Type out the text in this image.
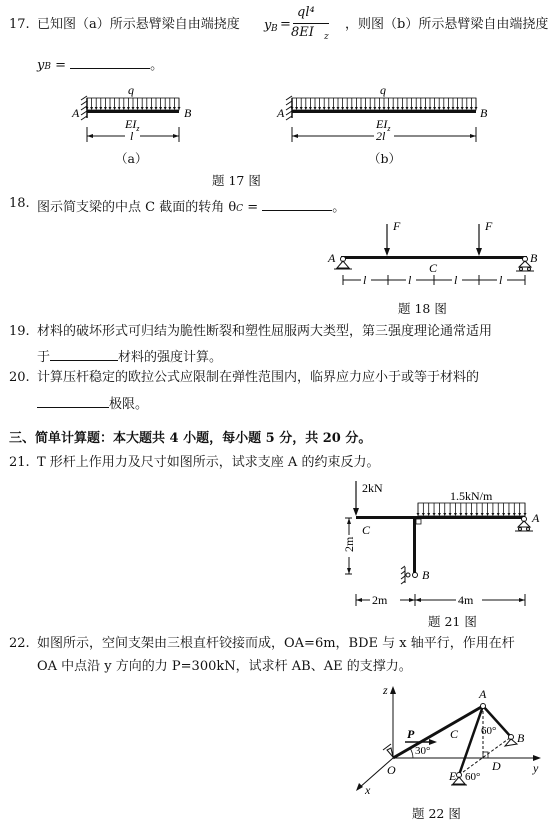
17. 已知图（a）所示悬臂梁自由端挠度 y B =
ql⁴
8EI z
，则图（b）所示悬臂梁自由端挠度
yB =	。
A	B
q
$EI_z$
l
（a）
A	B
q
$EI_z$
2l
（b）
题 17 图
18. 图示简支梁的中点 C 截面的转角 θC =	。
F	F
A	B
C
l	l	l	l
题 18 图
19. 材料的破坏形式可归结为脆性断裂和塑性屈服两大类型，第三强度理论通常适用
于	材料的强度计算。
20. 计算压杆稳定的欧拉公式应限制在弹性范围内，临界应力应小于或等于材料的
极限。
三、简单计算题：本大题共 4 小题，每小题 5 分，共 20 分。
21. T 形杆上作用力及尺寸如图所示，试求支座 A 的约束反力。
2kN
1.5kN/m
C
A
B
2m
2m	4m
题 21 图
22. 如图所示，空间支架由三根直杆铰接而成，OA=6m，BDE 与 x 轴平行，作用在杆
OA 中点沿 y 方向的力 P=300kN，试求杆 AB、AE 的支撑力。
z
y
x
P
O
A
B
C
D
E
30°
60°
60°
题 22 图
